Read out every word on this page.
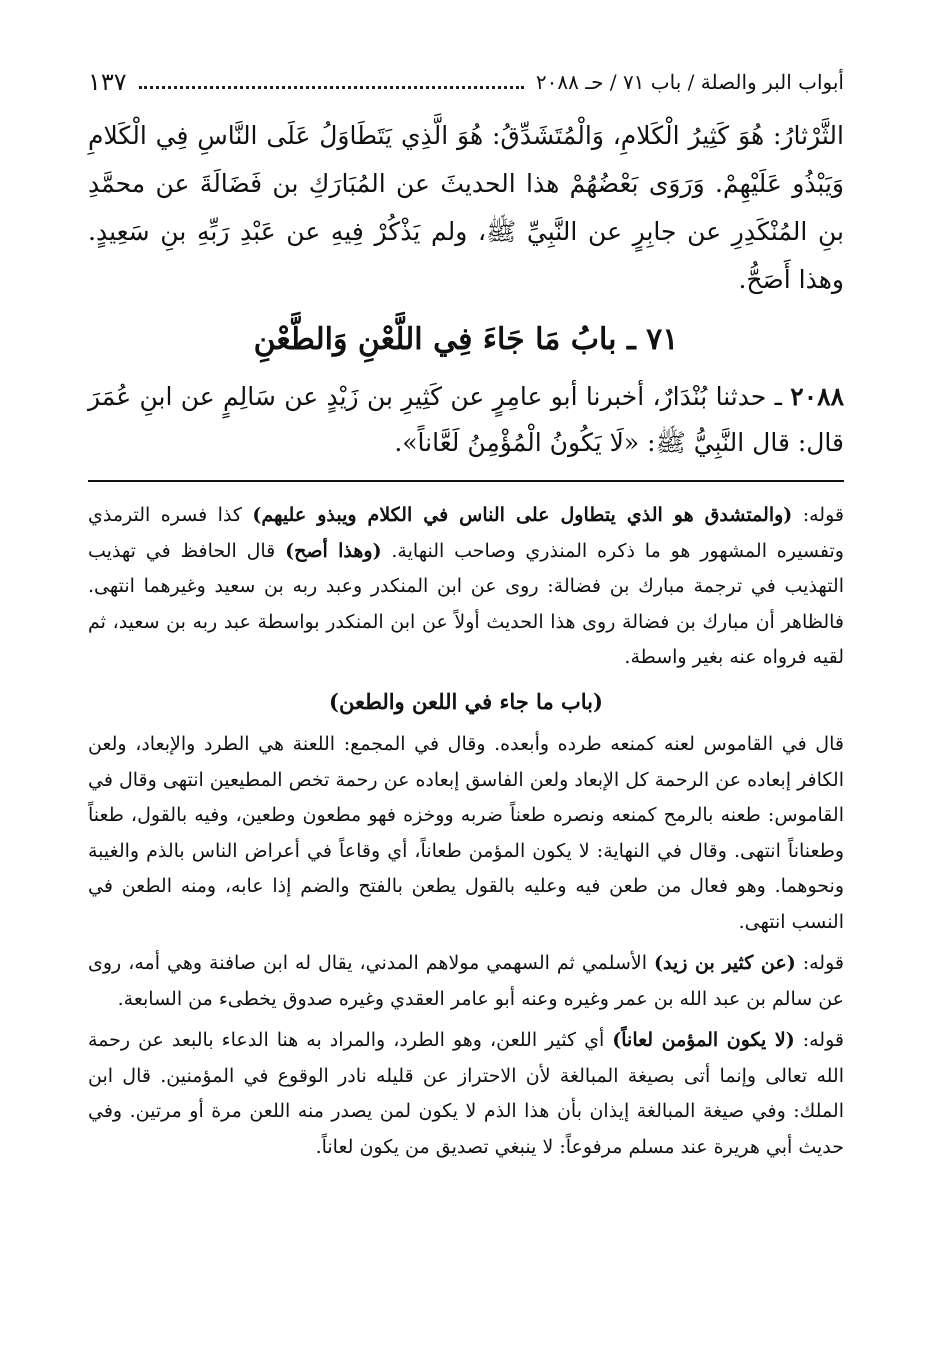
أبواب البر والصلة / باب ٧١ / حـ ٢٠٨٨
١٣٧

الثَّرْثارُ: هُوَ كَثِيرُ الْكَلامِ، وَالْمُتَشَدِّقُ: هُوَ الَّذِي يَتَطَاوَلُ عَلَى النَّاسِ فِي الْكَلامِ وَيَبْذُو عَلَيْهِمْ. وَرَوَى بَعْضُهُمْ هذا الحديثَ عن المُبَارَكِ بن فَضَالَةَ عن محمَّدِ بنِ المُنْكَدِرِ عن جابِرٍ عن النَّبِيِّ ﷺ، ولم يَذْكُرْ فِيهِ عن عَبْدِ رَبِّهِ بنِ سَعِيدٍ. وهذا أَصَحُّ.

٧١ ـ بابُ مَا جَاءَ فِي اللَّعْنِ وَالطَّعْنِ

٢٠٨٨ ـ حدثنا بُنْدَارٌ، أخبرنا أبو عامِرٍ عن كَثِيرِ بن زَيْدٍ عن سَالِمٍ عن ابنِ عُمَرَ قال: قال النَّبِيُّ ﷺ: «لَا يَكُونُ الْمُؤْمِنُ لَعَّاناً».

قوله: (والمتشدق هو الذي يتطاول على الناس في الكلام ويبذو عليهم) كذا فسره الترمذي وتفسيره المشهور هو ما ذكره المنذري وصاحب النهاية. (وهذا أصح) قال الحافظ في تهذيب التهذيب في ترجمة مبارك بن فضالة: روى عن ابن المنكدر وعبد ربه بن سعيد وغيرهما انتهى. فالظاهر أن مبارك بن فضالة روى هذا الحديث أولاً عن ابن المنكدر بواسطة عبد ربه بن سعيد، ثم لقيه فرواه عنه بغير واسطة.

(باب ما جاء في اللعن والطعن)

قال في القاموس لعنه كمنعه طرده وأبعده. وقال في المجمع: اللعنة هي الطرد والإبعاد، ولعن الكافر إبعاده عن الرحمة كل الإبعاد ولعن الفاسق إبعاده عن رحمة تخص المطيعين انتهى وقال في القاموس: طعنه بالرمح كمنعه ونصره طعناً ضربه ووخزه فهو مطعون وطعين، وفيه بالقول، طعناً وطعناناً انتهى. وقال في النهاية: لا يكون المؤمن طعاناً، أي وقاعاً في أعراض الناس بالذم والغيبة ونحوهما. وهو فعال من طعن فيه وعليه بالقول يطعن بالفتح والضم إذا عابه، ومنه الطعن في النسب انتهى.

قوله: (عن كثير بن زيد) الأسلمي ثم السهمي مولاهم المدني، يقال له ابن صافنة وهي أمه، روى عن سالم بن عبد الله بن عمر وغيره وعنه أبو عامر العقدي وغيره صدوق يخطىء من السابعة.

قوله: (لا يكون المؤمن لعاناً) أي كثير اللعن، وهو الطرد، والمراد به هنا الدعاء بالبعد عن رحمة الله تعالى وإنما أتى بصيغة المبالغة لأن الاحتراز عن قليله نادر الوقوع في المؤمنين. قال ابن الملك: وفي صيغة المبالغة إيذان بأن هذا الذم لا يكون لمن يصدر منه اللعن مرة أو مرتين. وفي حديث أبي هريرة عند مسلم مرفوعاً: لا ينبغي تصديق من يكون لعاناً.
